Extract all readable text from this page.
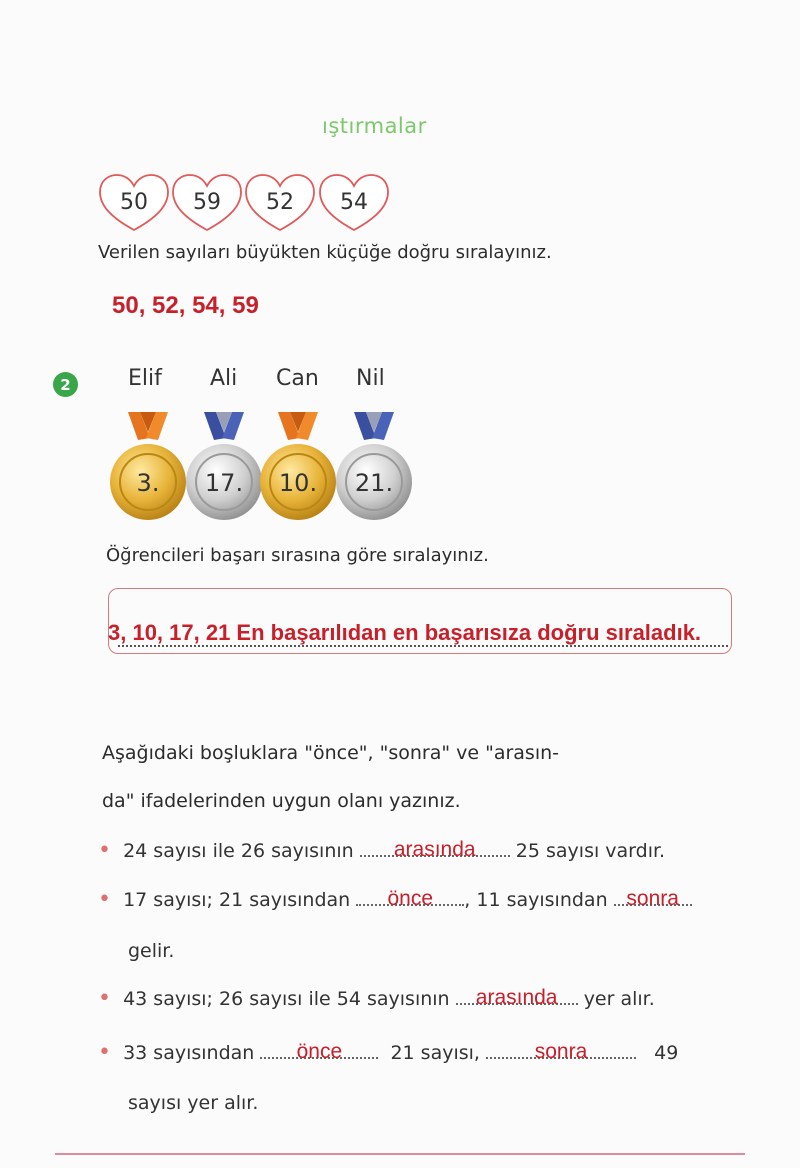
ıştırmalar
50 59 52 54
Verilen sayıları büyükten küçüğe doğru sıralayınız.
50, 52, 54, 59
2	Elif Ali Can Nil
3. 17. 10. 21.
Öğrencileri başarı sırasına göre sıralayınız.
3, 10, 17, 21 En başarılıdan en başarısıza doğru sıraladık.
Aşağıdaki boşluklara "önce", "sonra" ve "arasın-
da" ifadelerinden uygun olanı yazınız.
• 24 sayısı ile 26 sayısının	arasında	25 sayısı vardır.
• 17 sayısı; 21 sayısından	önce	, 11 sayısından sonra
gelir.
• 43 sayısı; 26 sayısı ile 54 sayısının	arasında	yer alır.
• 33 sayısından	önce	21 sayısı,	sonra	49
sayısı yer alır.
